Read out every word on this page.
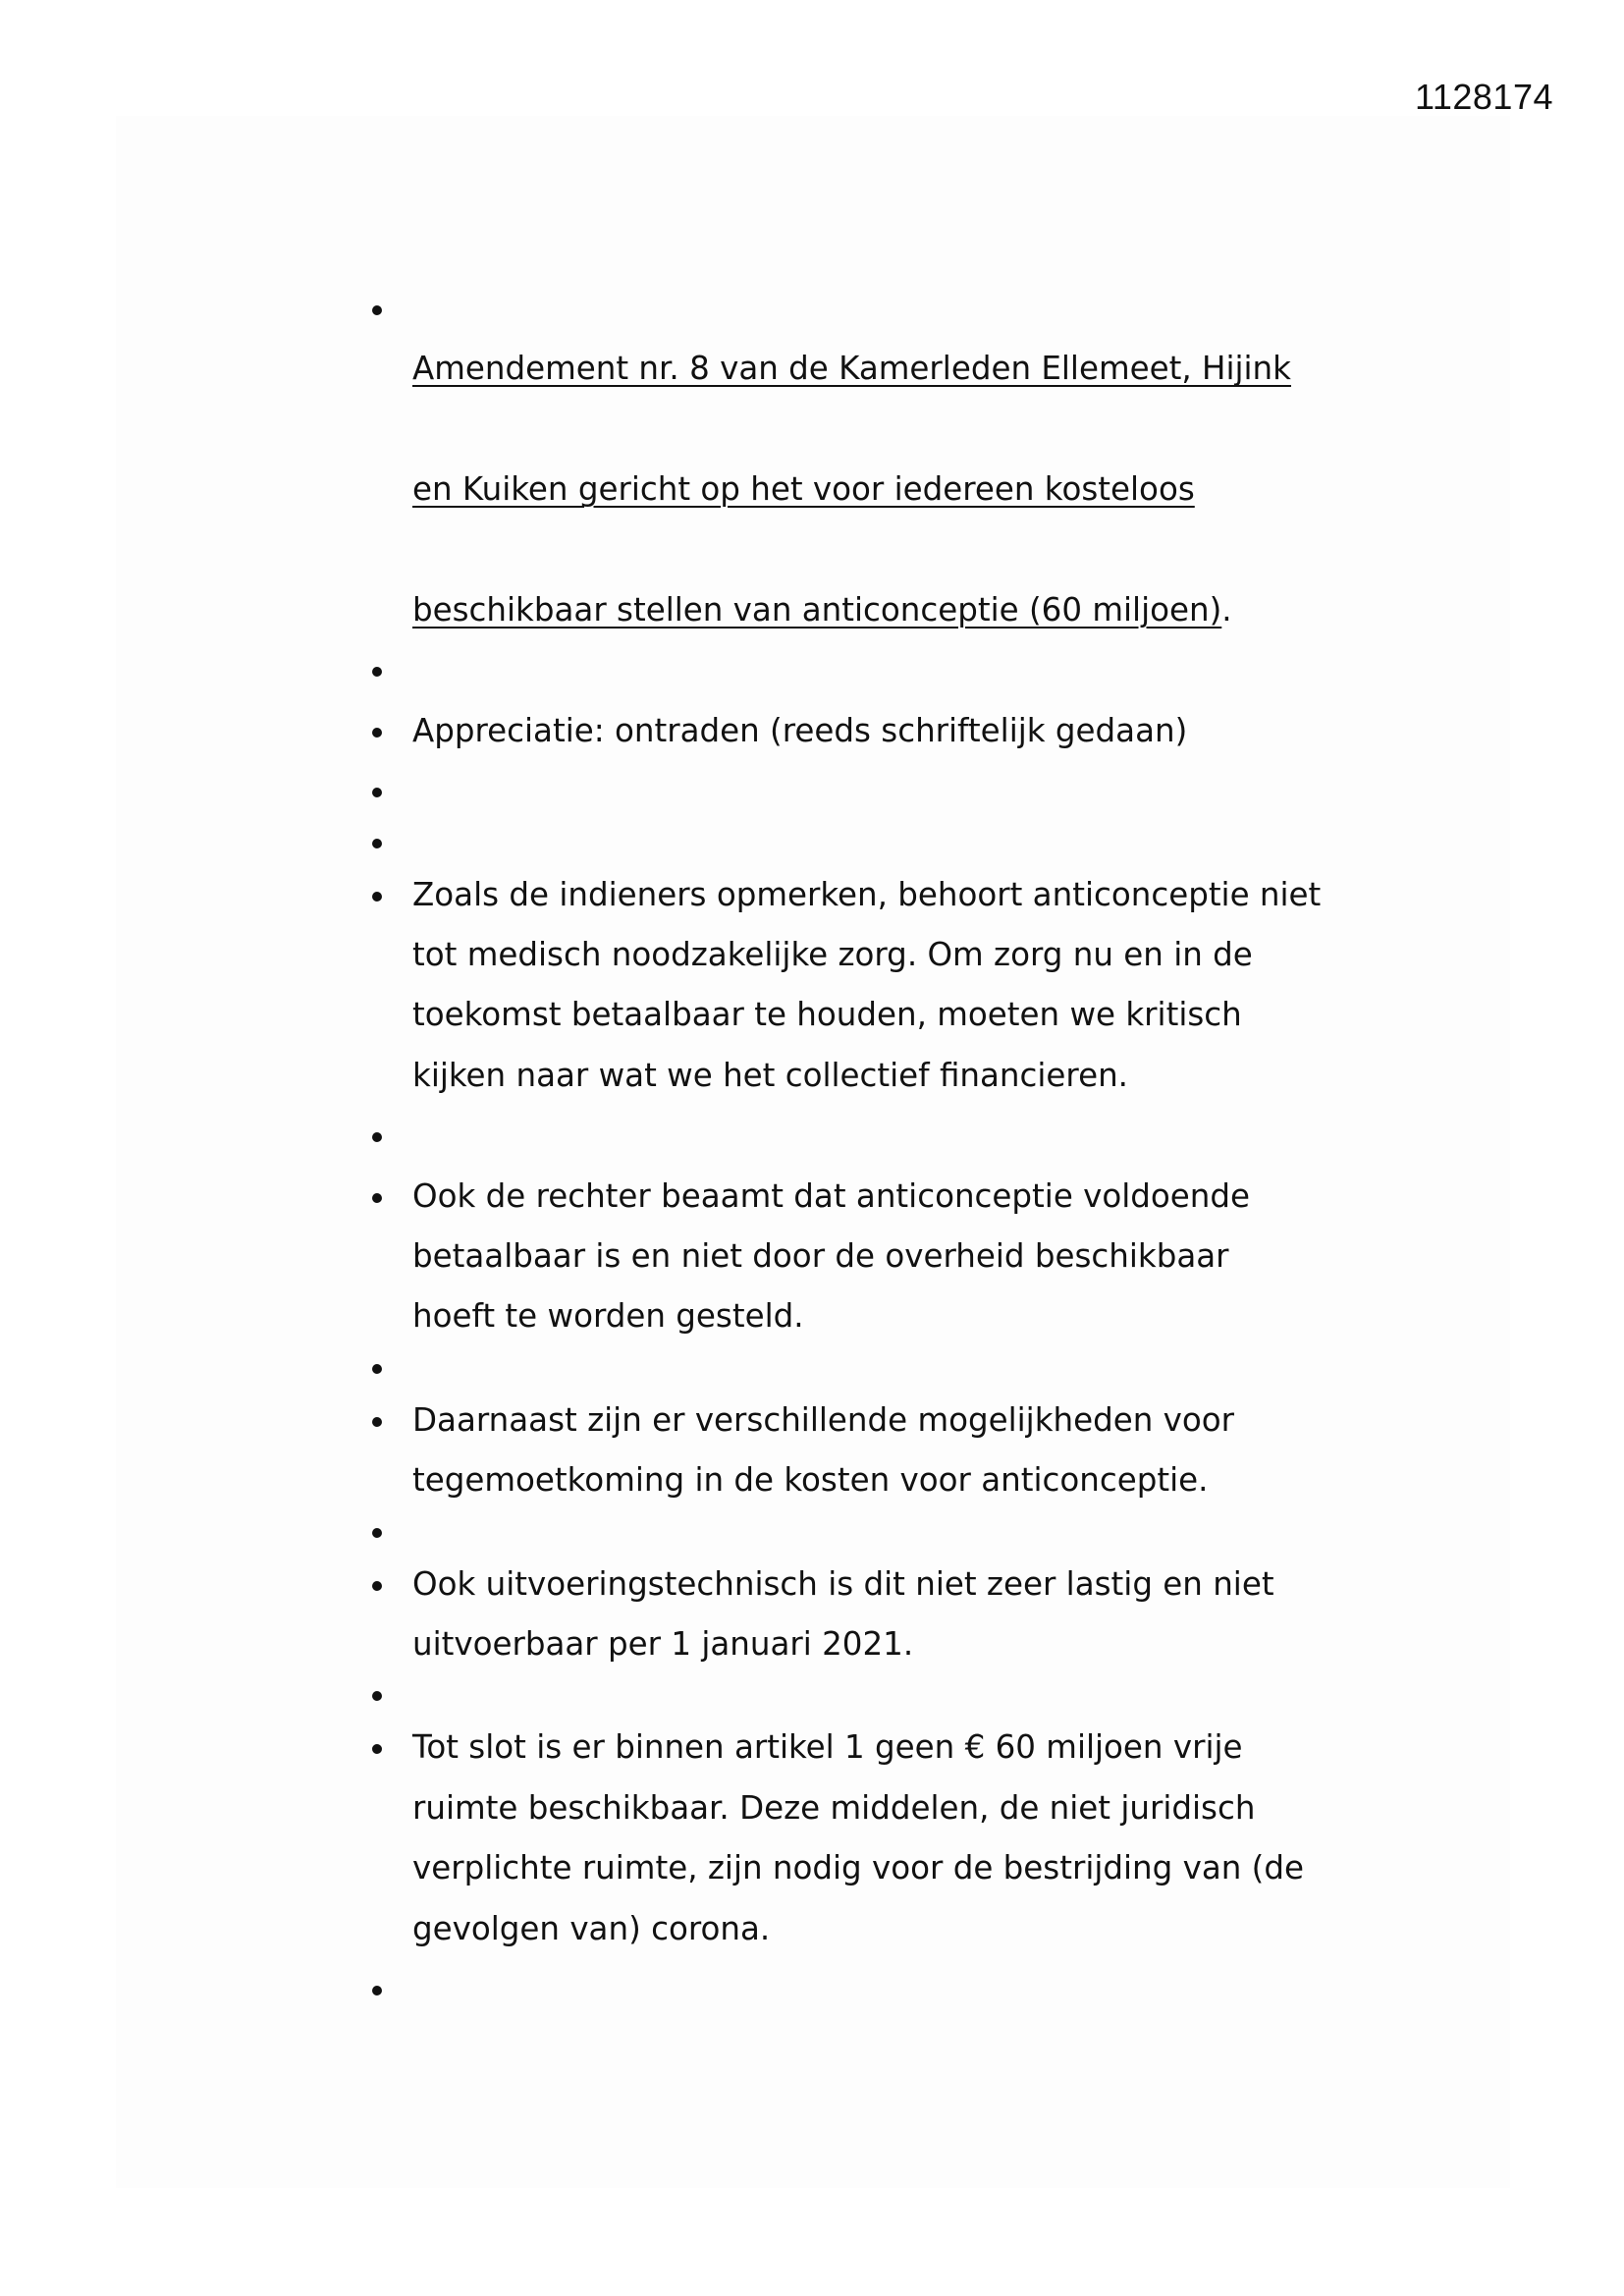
1128174

Amendement nr. 8 van de Kamerleden Ellemeet, Hijink

en Kuiken gericht op het voor iedereen kosteloos

beschikbaar stellen van anticonceptie (60 miljoen).

Appreciatie: ontraden (reeds schriftelijk gedaan)
Zoals de indieners opmerken, behoort anticonceptie niet
tot medisch noodzakelijke zorg. Om zorg nu en in de
toekomst betaalbaar te houden, moeten we kritisch
kijken naar wat we het collectief financieren.
Ook de rechter beaamt dat anticonceptie voldoende
betaalbaar is en niet door de overheid beschikbaar
hoeft te worden gesteld.
Daarnaast zijn er verschillende mogelijkheden voor
tegemoetkoming in de kosten voor anticonceptie.
Ook uitvoeringstechnisch is dit niet zeer lastig en niet
uitvoerbaar per 1 januari 2021.
Tot slot is er binnen artikel 1 geen € 60 miljoen vrije
ruimte beschikbaar. Deze middelen, de niet juridisch
verplichte ruimte, zijn nodig voor de bestrijding van (de
gevolgen van) corona.
